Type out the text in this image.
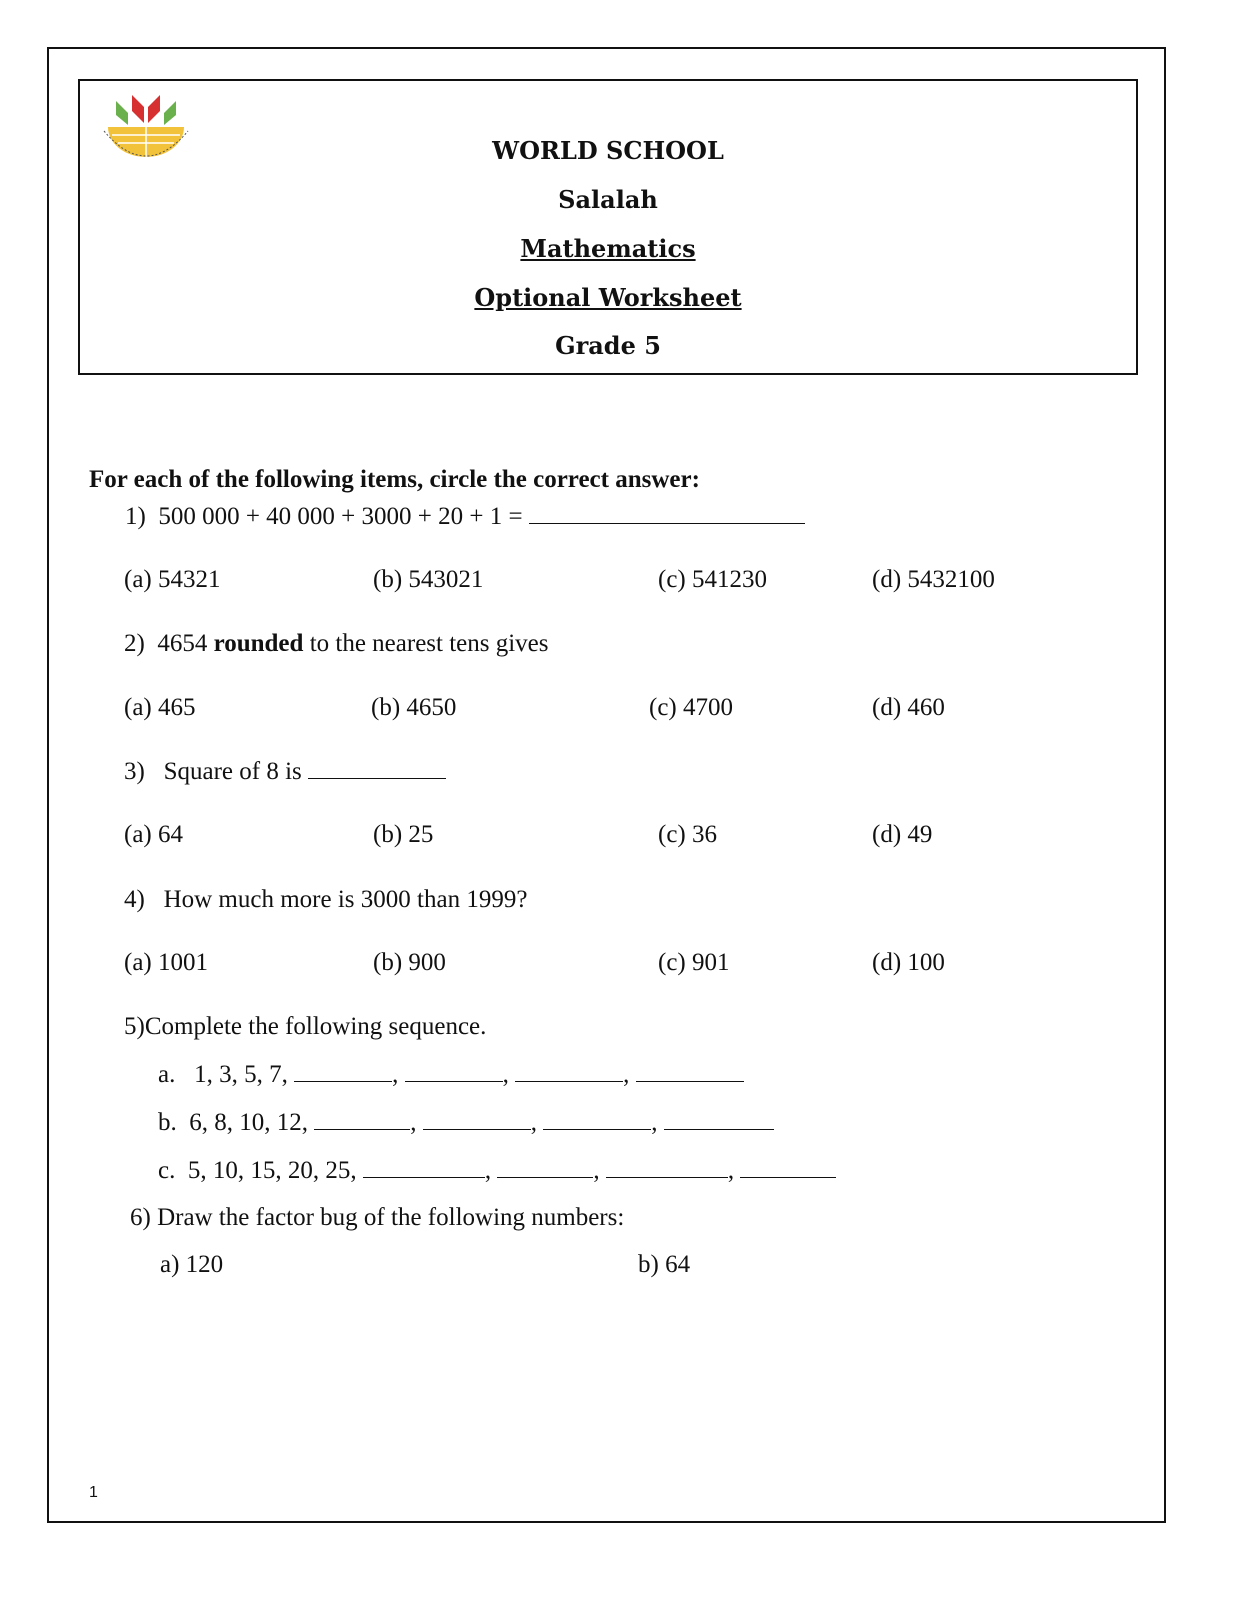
WORLD SCHOOL
Salalah
Mathematics
Optional Worksheet
Grade 5
For each of the following items, circle the correct answer:
1) 500 000 + 40 000 + 3000 + 20 + 1 =
(a) 54321	(b) 543021	(c) 541230	(d) 5432100
2) 4654 rounded to the nearest tens gives
(a) 465	(b) 4650	(c) 4700	(d) 460
3) Square of 8 is
(a) 64	(b) 25	(c) 36	(d) 49
4) How much more is 3000 than 1999?
(a) 1001	(b) 900	(c) 901	(d) 100
5)Complete the following sequence.
a. 1, 3, 5, 7,	,	,	,
b. 6, 8, 10, 12,	,	,	,
c. 5, 10, 15, 20, 25,	,	,	,
6) Draw the factor bug of the following numbers:
a) 120	b) 64
1
